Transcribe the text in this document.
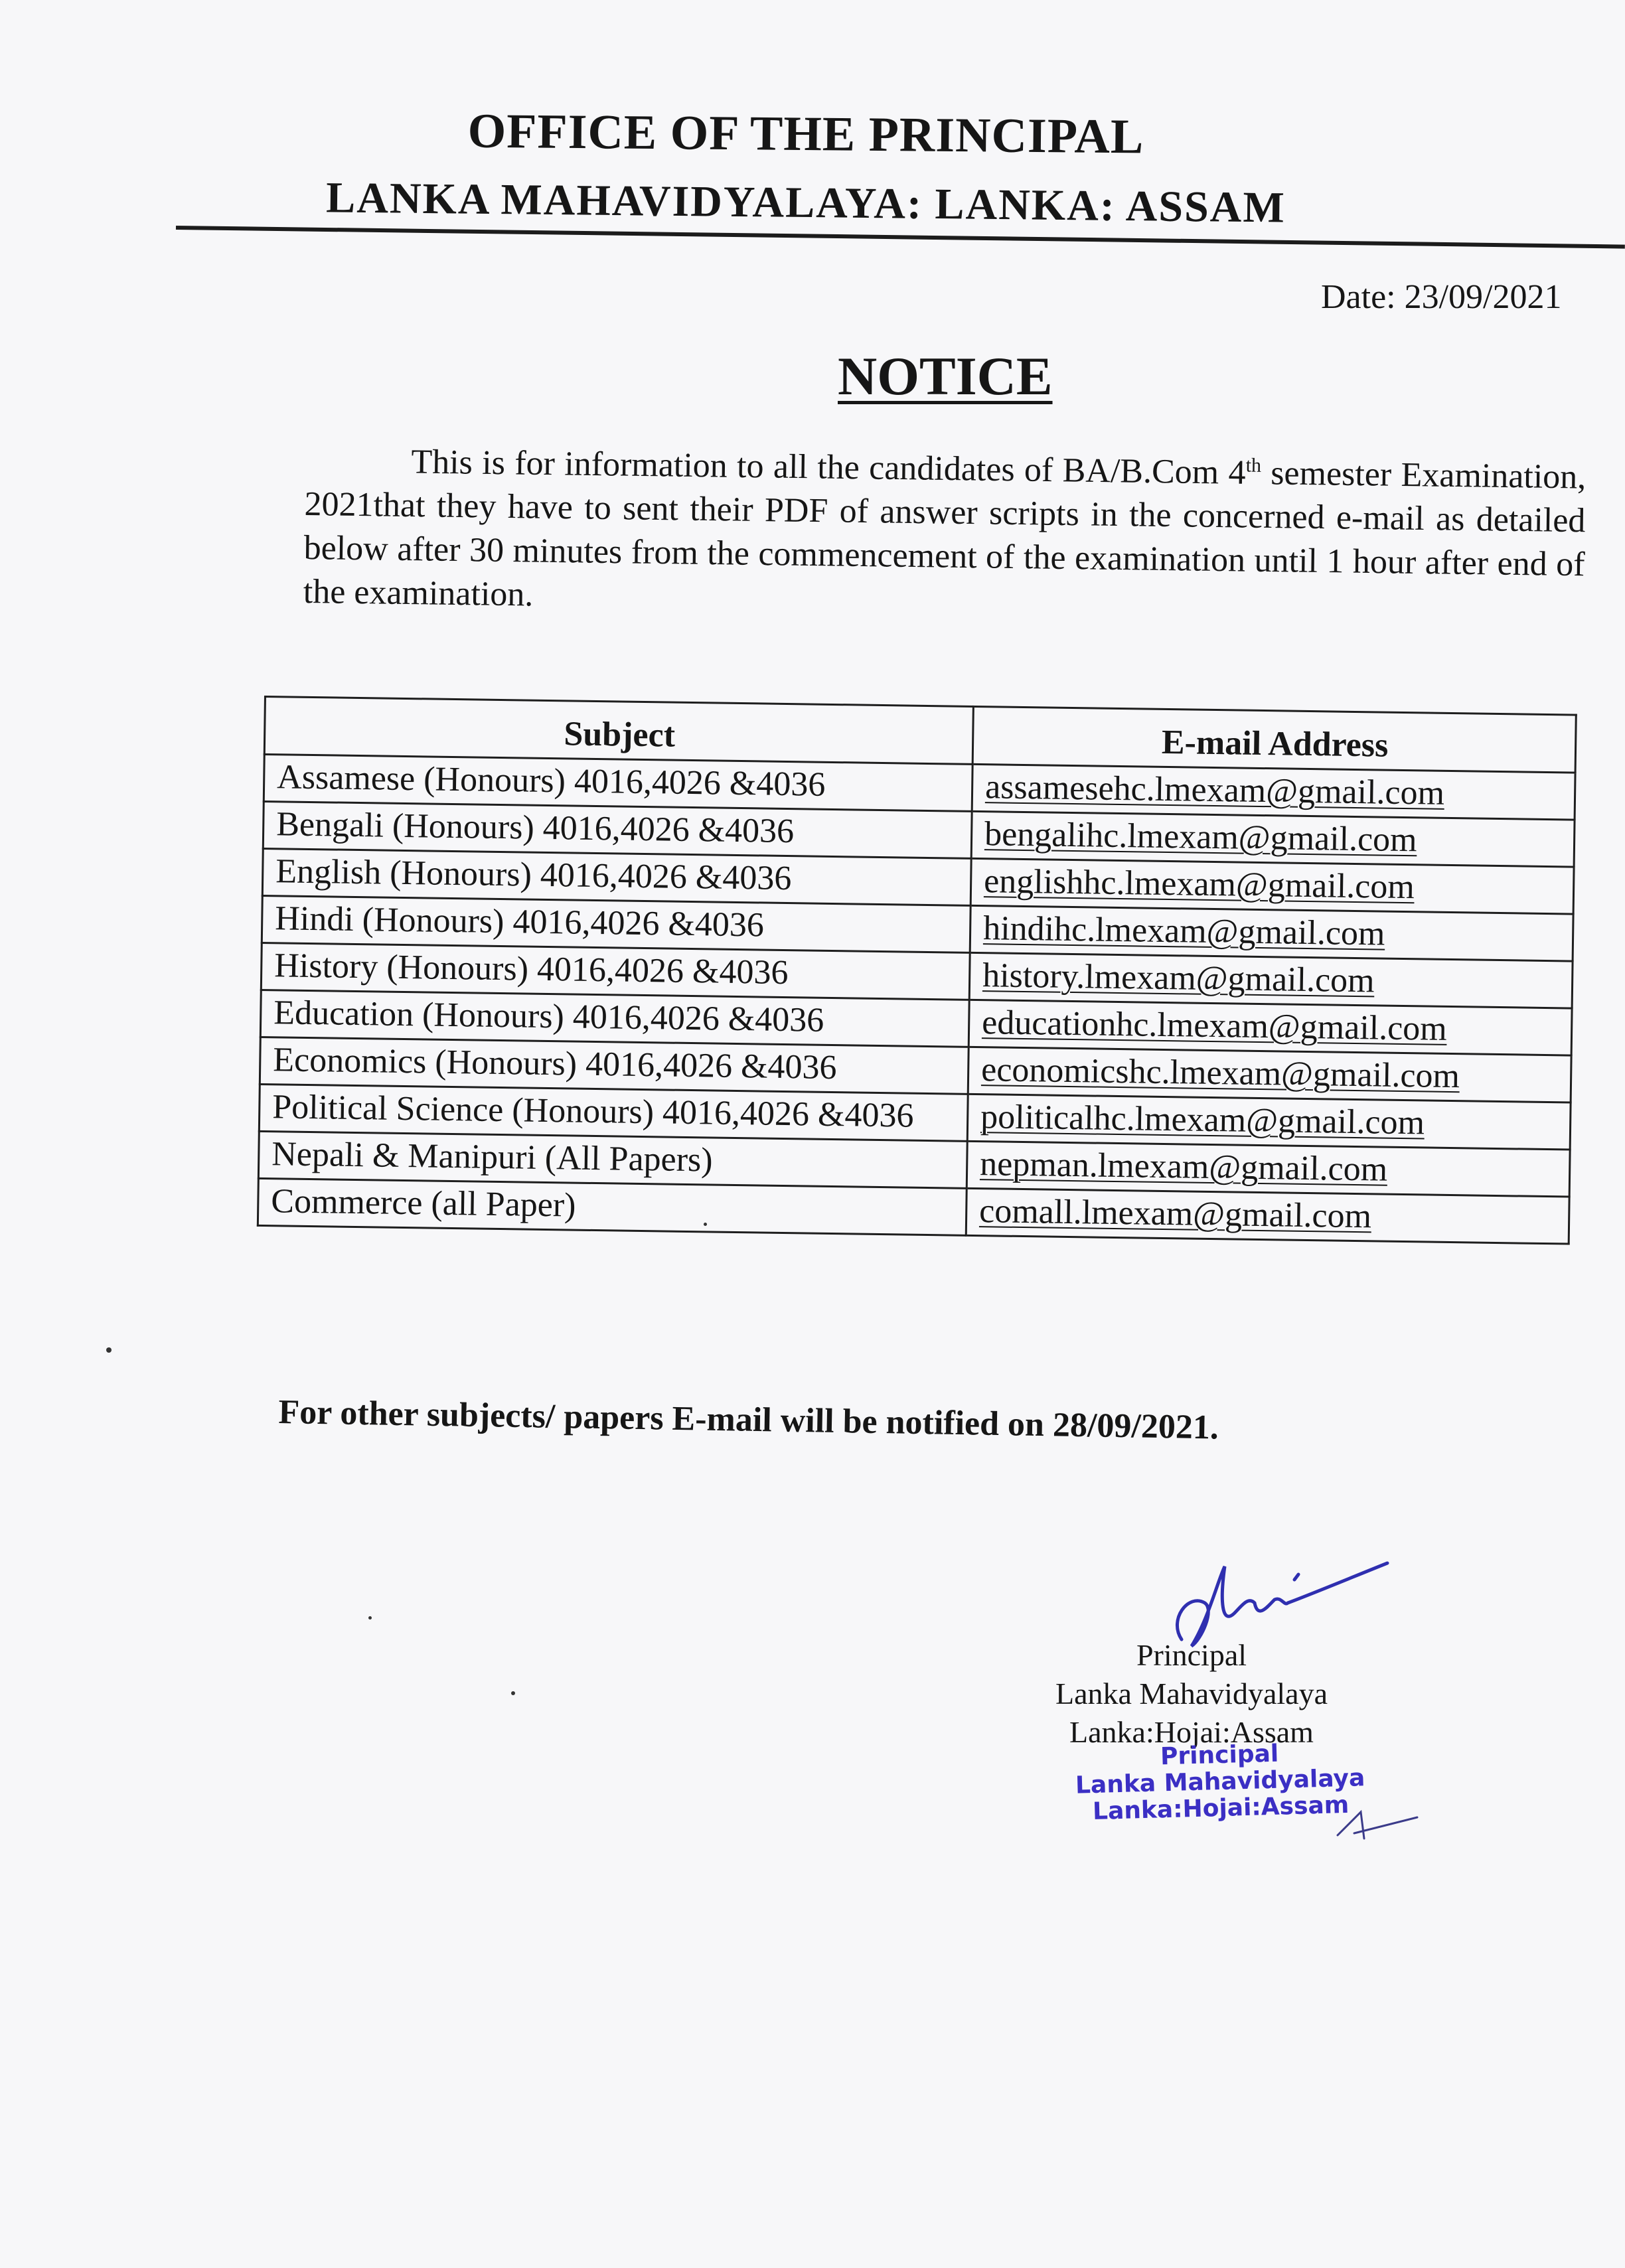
OFFICE OF THE PRINCIPAL
LANKA MAHAVIDYALAYA: LANKA: ASSAM
Date: 23/09/2021
NOTICE
This is for information to all the candidates of BA/B.Com 4th semester Examination, 2021that they have to sent their PDF of answer scripts in the concerned e-mail as detailed below after 30 minutes from the commencement of the examination until 1 hour after end of the examination.
Subject	E-mail Address
Assamese (Honours) 4016,4026 &4036	assamesehc.lmexam@gmail.com
Bengali (Honours) 4016,4026 &4036	bengalihc.lmexam@gmail.com
English (Honours) 4016,4026 &4036	englishhc.lmexam@gmail.com
Hindi (Honours) 4016,4026 &4036	hindihc.lmexam@gmail.com
History (Honours) 4016,4026 &4036	history.lmexam@gmail.com
Education (Honours) 4016,4026 &4036	educationhc.lmexam@gmail.com
Economics (Honours) 4016,4026 &4036	economicshc.lmexam@gmail.com
Political Science (Honours) 4016,4026 &4036	politicalhc.lmexam@gmail.com
Nepali & Manipuri (All Papers)	nepman.lmexam@gmail.com
Commerce (all Paper)	comall.lmexam@gmail.com
For other subjects/ papers E-mail will be notified on 28/09/2021.
Principal
Lanka Mahavidyalaya
Lanka:Hojai:Assam
Principal
Lanka Mahavidyalaya
Lanka:Hojai:Assam
